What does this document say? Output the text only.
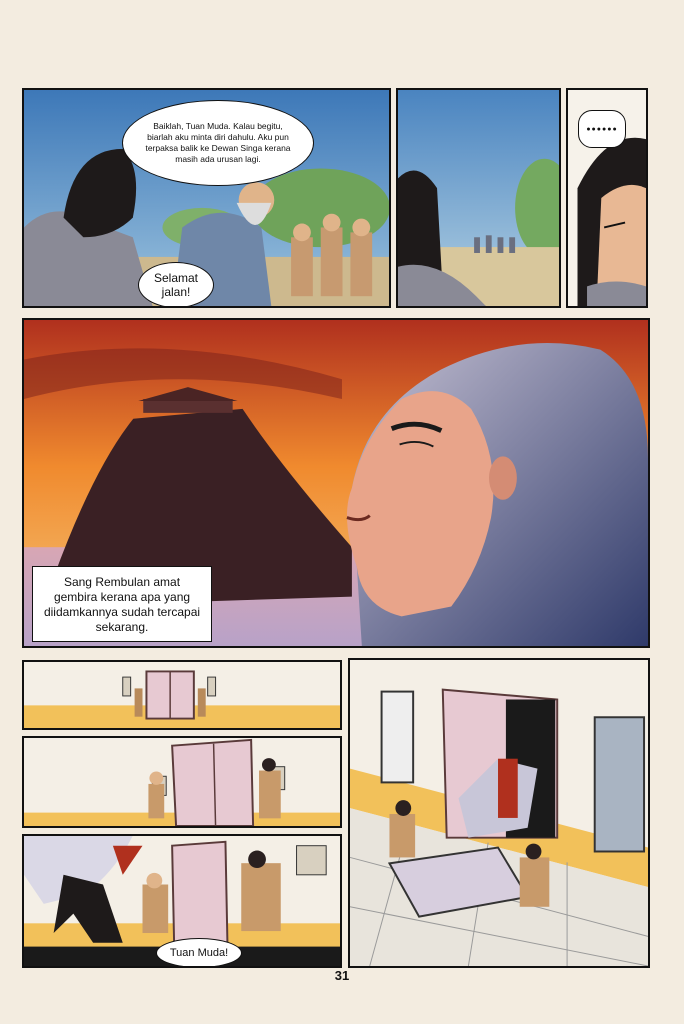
Baiklah, Tuan Muda. Kalau begitu, biarlah aku minta diri dahulu. Aku pun terpaksa balik ke Dewan Singa kerana masih ada urusan lagi.
Selamat jalan!
●●●●●●
Sang Rembulan amat gembira kerana apa yang diidamkannya sudah tercapai sekarang.
Tuan Muda!
31
